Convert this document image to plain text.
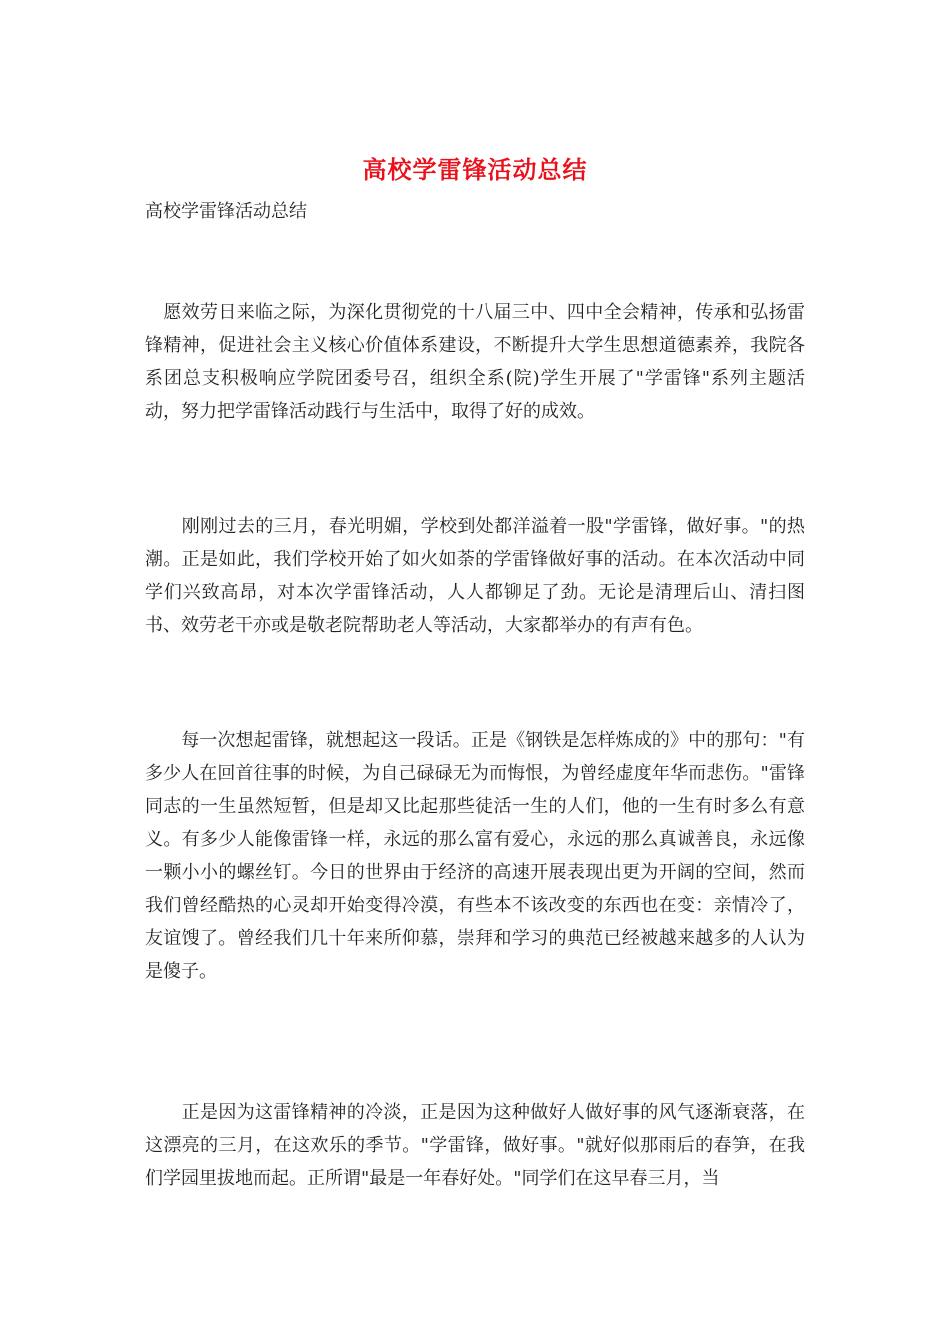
高校学雷锋活动总结
高校学雷锋活动总结

　愿效劳日来临之际，为深化贯彻党的十八届三中、四中全会精神，传承和弘扬雷锋精神，促进社会主义核心价值体系建设，不断提升大学生思想道德素养，我院各系团总支积极响应学院团委号召，组织全系(院)学生开展了"学雷锋"系列主题活动，努力把学雷锋活动践行与生活中，取得了好的成效。

　　刚刚过去的三月，春光明媚，学校到处都洋溢着一股"学雷锋，做好事。"的热潮。正是如此，我们学校开始了如火如荼的学雷锋做好事的活动。在本次活动中同学们兴致高昂，对本次学雷锋活动，人人都铆足了劲。无论是清理后山、清扫图书、效劳老干亦或是敬老院帮助老人等活动，大家都举办的有声有色。

　　每一次想起雷锋，就想起这一段话。正是《钢铁是怎样炼成的》中的那句："有多少人在回首往事的时候，为自己碌碌无为而悔恨，为曾经虚度年华而悲伤。"雷锋同志的一生虽然短暂，但是却又比起那些徒活一生的人们，他的一生有时多么有意义。有多少人能像雷锋一样，永远的那么富有爱心，永远的那么真诚善良，永远像一颗小小的螺丝钉。今日的世界由于经济的高速开展表现出更为开阔的空间，然而我们曾经酷热的心灵却开始变得冷漠，有些本不该改变的东西也在变：亲情冷了，友谊馊了。曾经我们几十年来所仰慕，崇拜和学习的典范已经被越来越多的人认为是傻子。

　　正是因为这雷锋精神的冷淡，正是因为这种做好人做好事的风气逐渐衰落，在这漂亮的三月，在这欢乐的季节。"学雷锋，做好事。"就好似那雨后的春笋，在我们学园里拔地而起。正所谓"最是一年春好处。"同学们在这早春三月，当
